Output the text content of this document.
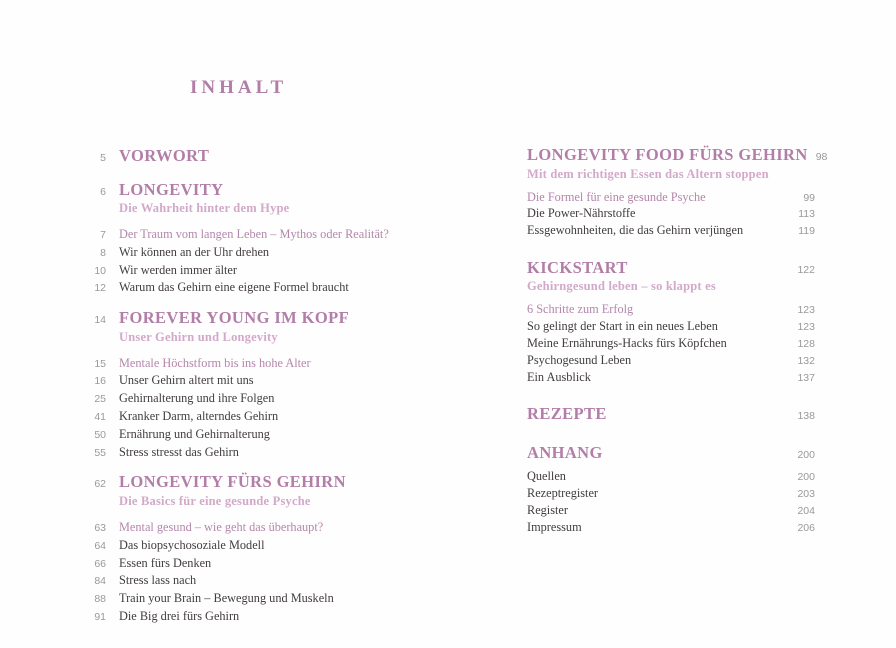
INHALT
5 VORWORT
6 LONGEVITY
Die Wahrheit hinter dem Hype
7 Der Traum vom langen Leben – Mythos oder Realität?
8 Wir können an der Uhr drehen
10 Wir werden immer älter
12 Warum das Gehirn eine eigene Formel braucht
14 FOREVER YOUNG IM KOPF
Unser Gehirn und Longevity
15 Mentale Höchstform bis ins hohe Alter
16 Unser Gehirn altert mit uns
25 Gehirnalterung und ihre Folgen
41 Kranker Darm, alterndes Gehirn
50 Ernährung und Gehirnalterung
55 Stress stresst das Gehirn
62 LONGEVITY FÜRS GEHIRN
Die Basics für eine gesunde Psyche
63 Mental gesund – wie geht das überhaupt?
64 Das biopsychosoziale Modell
66 Essen fürs Denken
84 Stress lass nach
88 Train your Brain – Bewegung und Muskeln
91 Die Big drei fürs Gehirn
98
LONGEVITY FOOD FÜRS GEHIRN
Mit dem richtigen Essen das Altern stoppen
99
Die Formel für eine gesunde Psyche
113
Die Power-Nährstoffe
119
Essgewohnheiten, die das Gehirn verjüngen
122
KICKSTART
Gehirngesund leben – so klappt es
123
6 Schritte zum Erfolg
123
So gelingt der Start in ein neues Leben
128
Meine Ernährungs-Hacks fürs Köpfchen
132
Psychogesund Leben
137
Ein Ausblick
138
REZEPTE
200
ANHANG
200
Quellen
203
Rezeptregister
204
Register
206
Impressum
